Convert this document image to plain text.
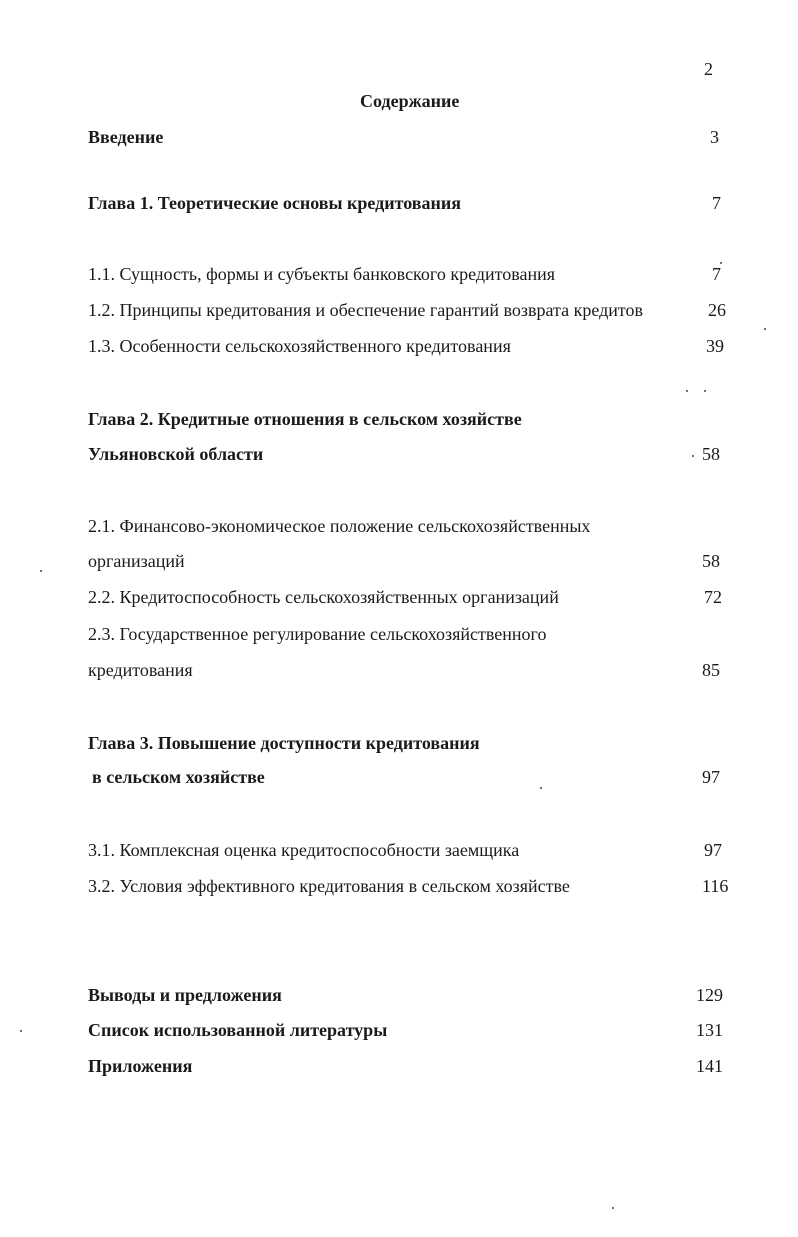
2
Содержание
Введение	3
Глава 1. Теоретические основы кредитования	7
1.1. Сущность, формы и субъекты банковского кредитования	7
1.2. Принципы кредитования и обеспечение гарантий возврата кредитов	26
1.3. Особенности сельскохозяйственного кредитования	39
Глава 2. Кредитные отношения в сельском хозяйстве
Ульяновской области	58
2.1. Финансово-экономическое положение сельскохозяйственных
организаций	58
2.2. Кредитоспособность сельскохозяйственных организаций	72
2.3. Государственное регулирование сельскохозяйственного
кредитования	85
Глава 3. Повышение доступности кредитования
в сельском хозяйстве	97
3.1. Комплексная оценка кредитоспособности заемщика	97
3.2. Условия эффективного кредитования в сельском хозяйстве	116
Выводы и предложения	129
Список использованной литературы	131
Приложения	141
